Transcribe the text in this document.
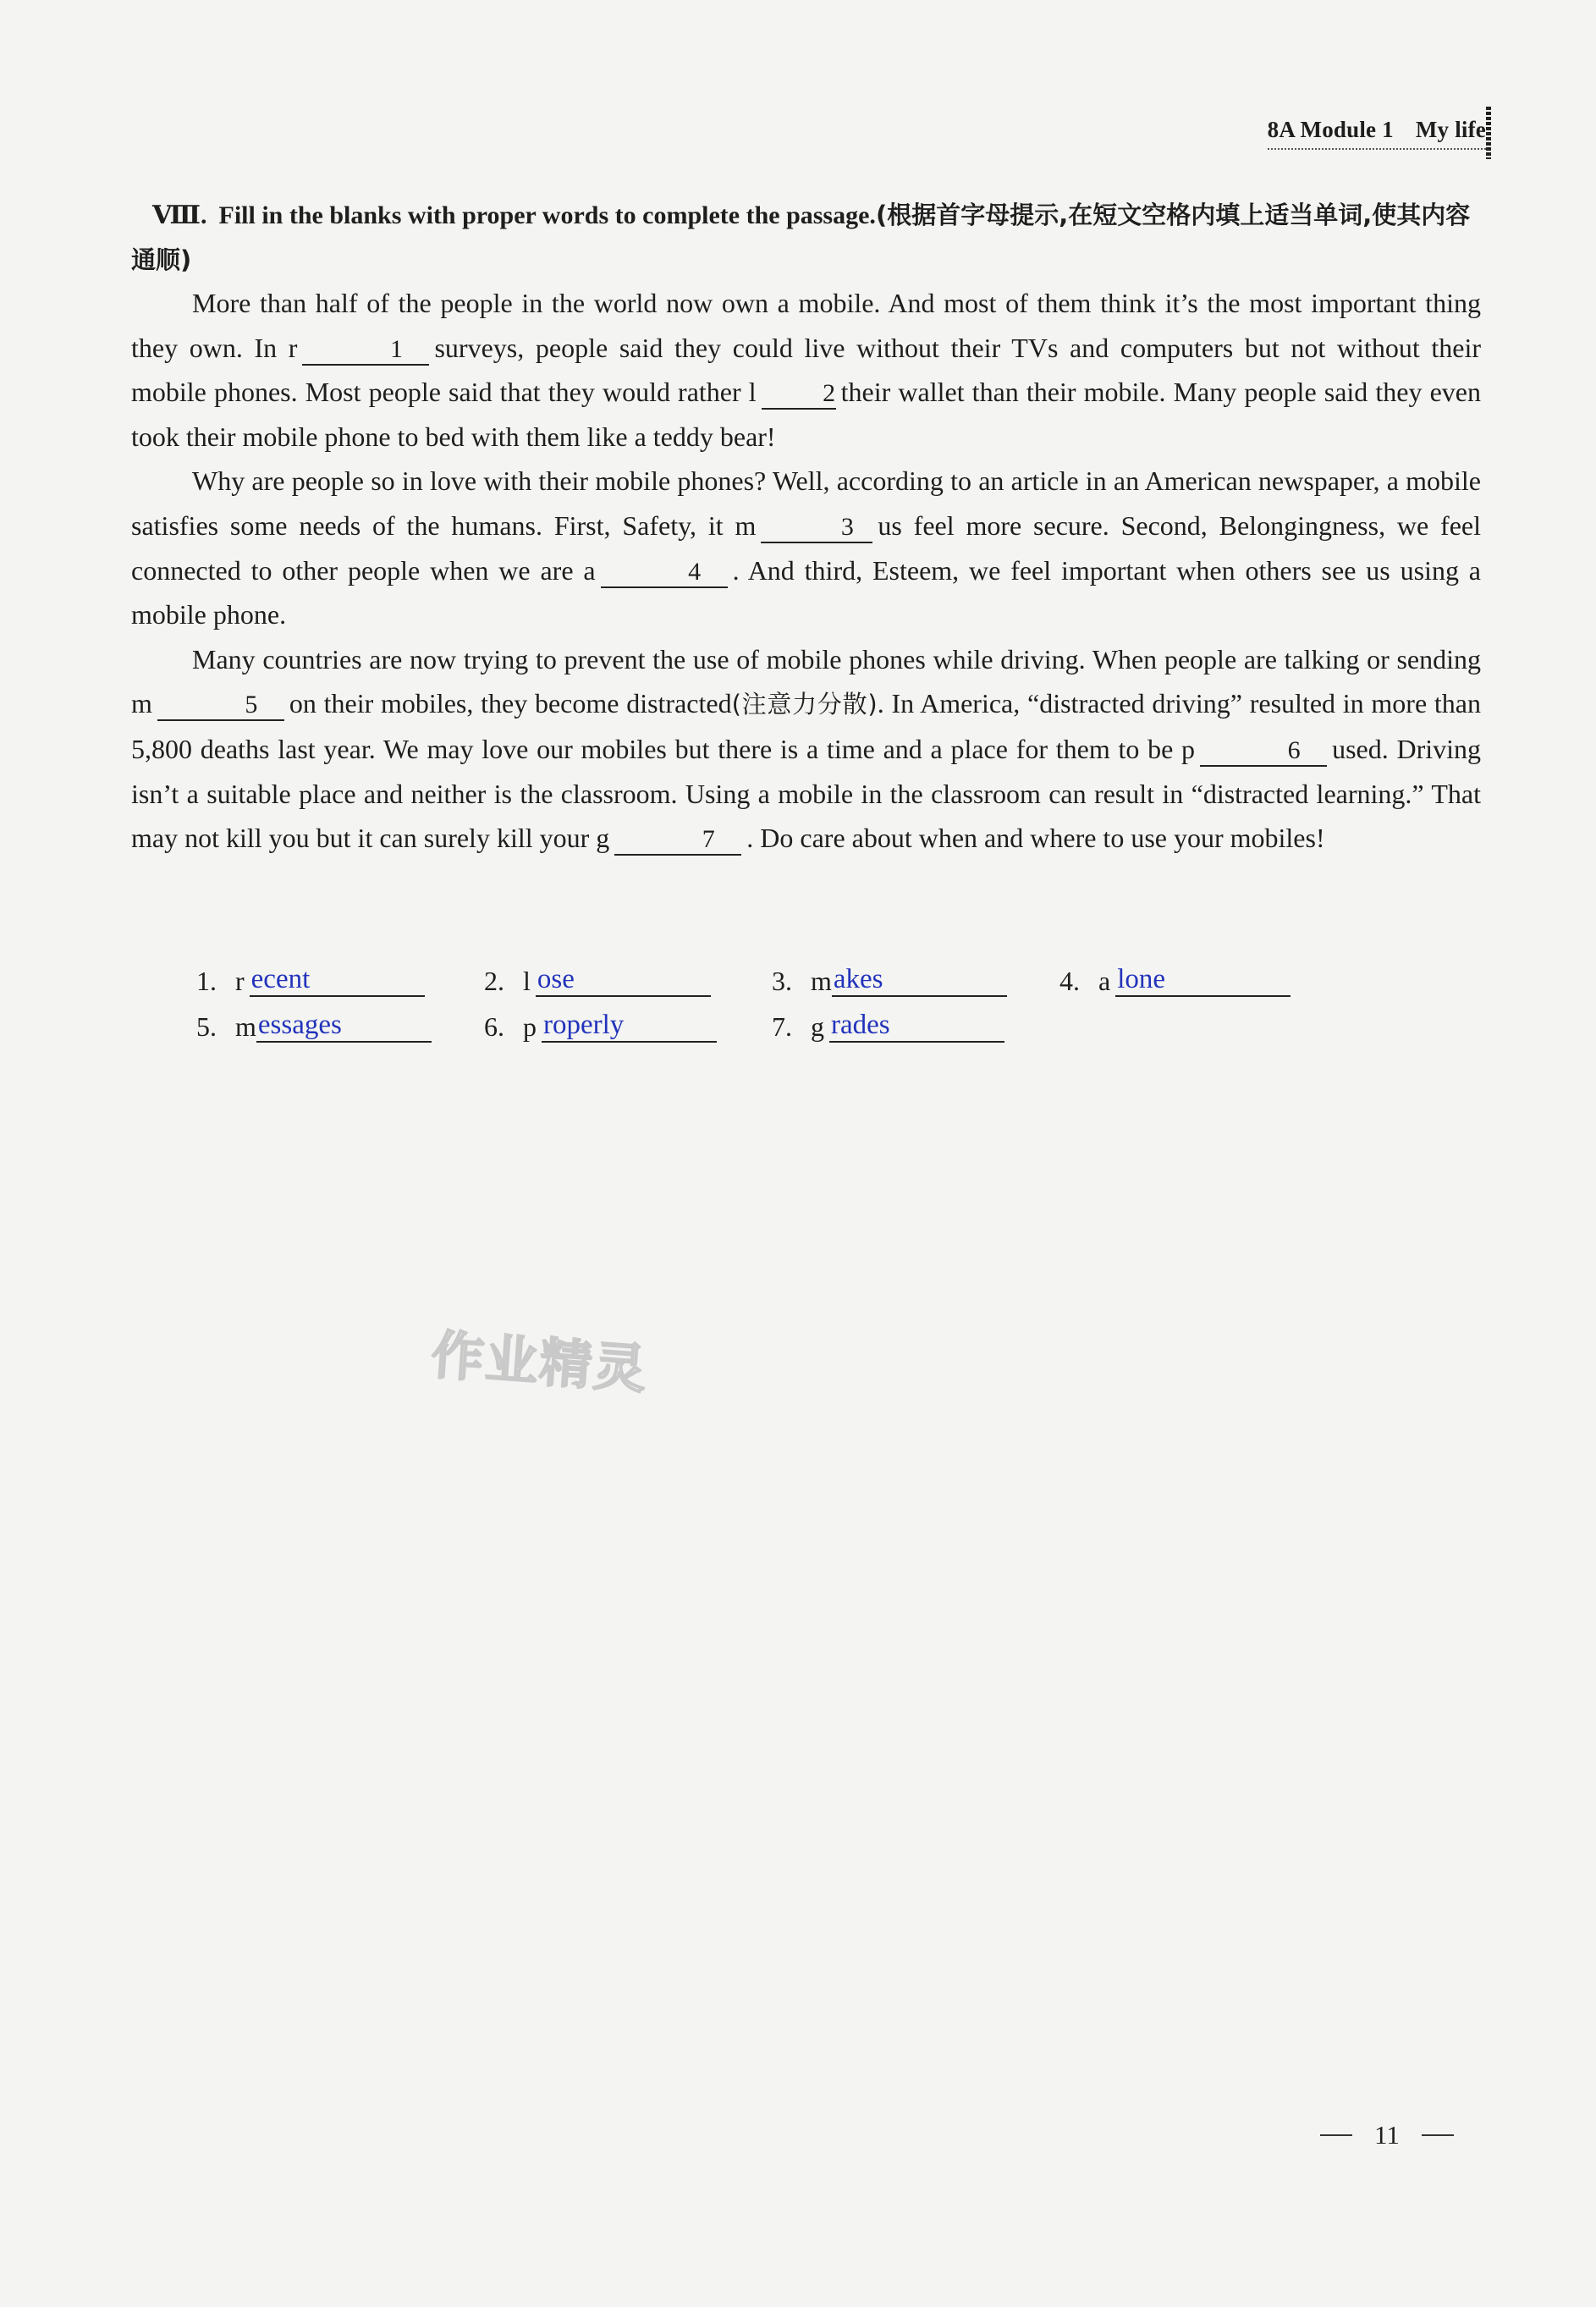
8A Module 1 My life
Ⅷ. Fill in the blanks with proper words to complete the passage.(根据首字母提示,在短文空格内填上适当单词,使其内容通顺)

More than half of the people in the world now own a mobile. And most of them think it’s the most important thing they own. In r	1 surveys, people said they could live without their TVs and computers but not without their mobile phones. Most people said that they would rather l	2 their wallet than their mobile. Many people said they even took their mobile phone to bed with them like a teddy bear!

Why are people so in love with their mobile phones? Well, according to an article in an American newspaper, a mobile satisfies some needs of the humans. First, Safety, it m	3 us feel more secure. Second, Belongingness, we feel connected to other people when we are a	4 . And third, Esteem, we feel important when others see us using a mobile phone.

Many countries are now trying to prevent the use of mobile phones while driving. When people are talking or sending m	5 on their mobiles, they become distracted(注意力分散). In America, “distracted driving” resulted in more than 5,800 deaths last year. We may love our mobiles but there is a time and a place for them to be p	6 used. Driving isn’t a suitable place and neither is the classroom. Using a mobile in the classroom can result in “distracted learning.” That may not kill you but it can surely kill your g	7 . Do care about when and where to use your mobiles!

1. r ecent	2. l ose	3. m akes	4. a lone
5. m essages	6. p roperly	7. g rades
作业精灵
11
